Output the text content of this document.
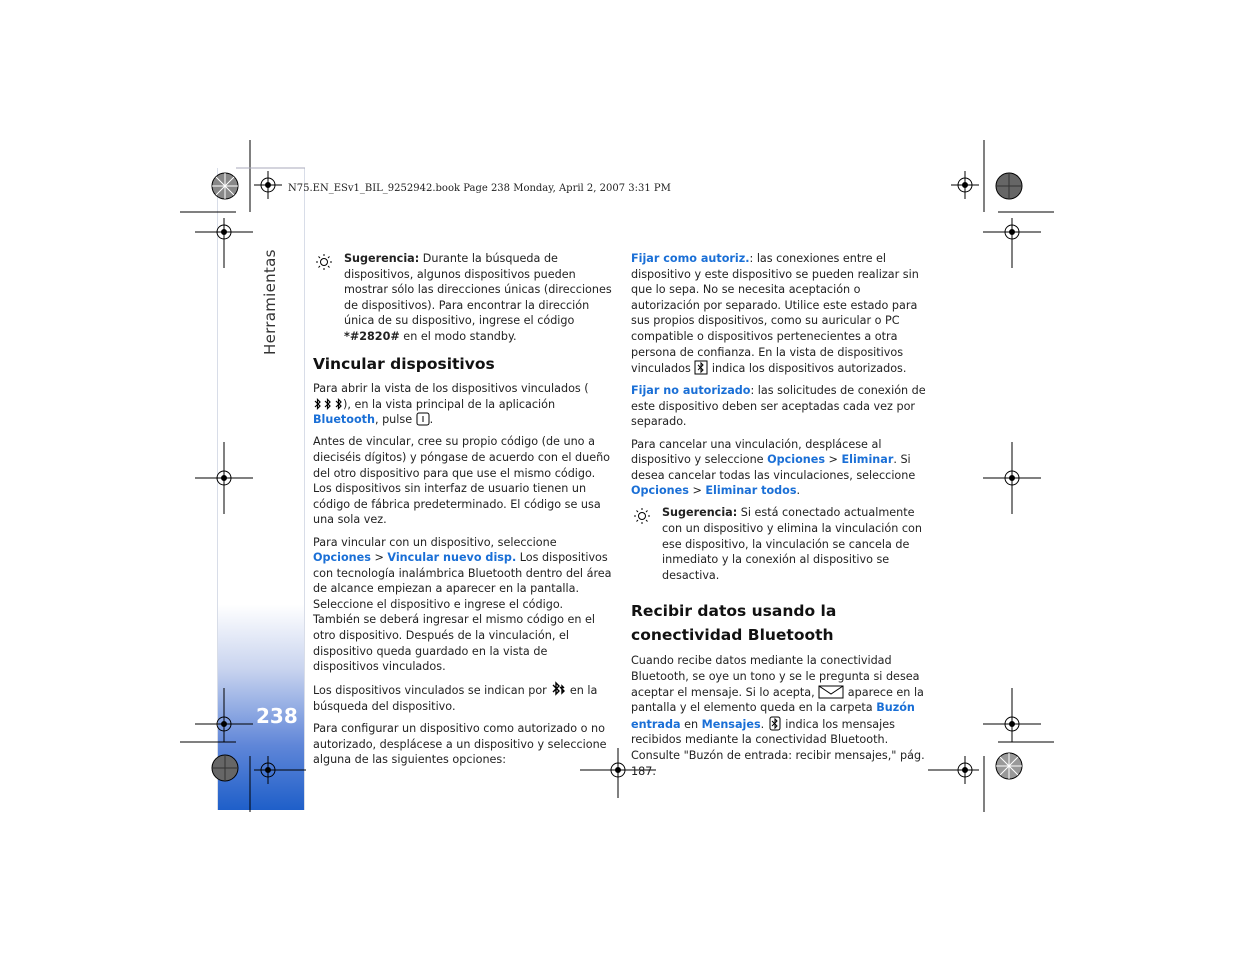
Herramientas
238
N75.EN_ESv1_BIL_9252942.book Page 238 Monday, April 2, 2007 3:31 PM

Sugerencia: Durante la búsqueda de dispositivos, algunos dispositivos pueden mostrar sólo las direcciones únicas (direcciones de dispositivos). Para encontrar la dirección única de su dispositivo, ingrese el código *#2820# en el modo standby.

Vincular dispositivos

Para abrir la vista de los dispositivos vinculados (), en la vista principal de la aplicación Bluetooth, pulse .

Antes de vincular, cree su propio código (de uno a dieciséis dígitos) y póngase de acuerdo con el dueño del otro dispositivo para que use el mismo código. Los dispositivos sin interfaz de usuario tienen un código de fábrica predeterminado. El código se usa una sola vez.

Para vincular con un dispositivo, seleccione Opciones > Vincular nuevo disp. Los dispositivos con tecnología inalámbrica Bluetooth dentro del área de alcance empiezan a aparecer en la pantalla. Seleccione el dispositivo e ingrese el código. También se deberá ingresar el mismo código en el otro dispositivo. Después de la vinculación, el dispositivo queda guardado en la vista de dispositivos vinculados.

Los dispositivos vinculados se indican por  en la búsqueda del dispositivo.

Para configurar un dispositivo como autorizado o no autorizado, desplácese a un dispositivo y seleccione alguna de las siguientes opciones:

Fijar como autoriz.: las conexiones entre el dispositivo y este dispositivo se pueden realizar sin que lo sepa. No se necesita aceptación o autorización por separado. Utilice este estado para sus propios dispositivos, como su auricular o PC compatible o dispositivos pertenecientes a otra persona de confianza. En la vista de dispositivos vinculados  indica los dispositivos autorizados.

Fijar no autorizado: las solicitudes de conexión de este dispositivo deben ser aceptadas cada vez por separado.

Para cancelar una vinculación, desplácese al dispositivo y seleccione Opciones > Eliminar. Si desea cancelar todas las vinculaciones, seleccione Opciones > Eliminar todos.

Sugerencia: Si está conectado actualmente con un dispositivo y elimina la vinculación con ese dispositivo, la vinculación se cancela de inmediato y la conexión al dispositivo se desactiva.

Recibir datos usando la
conectividad Bluetooth

Cuando recibe datos mediante la conectividad Bluetooth, se oye un tono y se le pregunta si desea aceptar el mensaje. Si lo acepta,  aparece en la pantalla y el elemento queda en la carpeta Buzón entrada en Mensajes.  indica los mensajes recibidos mediante la conectividad Bluetooth. Consulte "Buzón de entrada: recibir mensajes," pág. 187.
